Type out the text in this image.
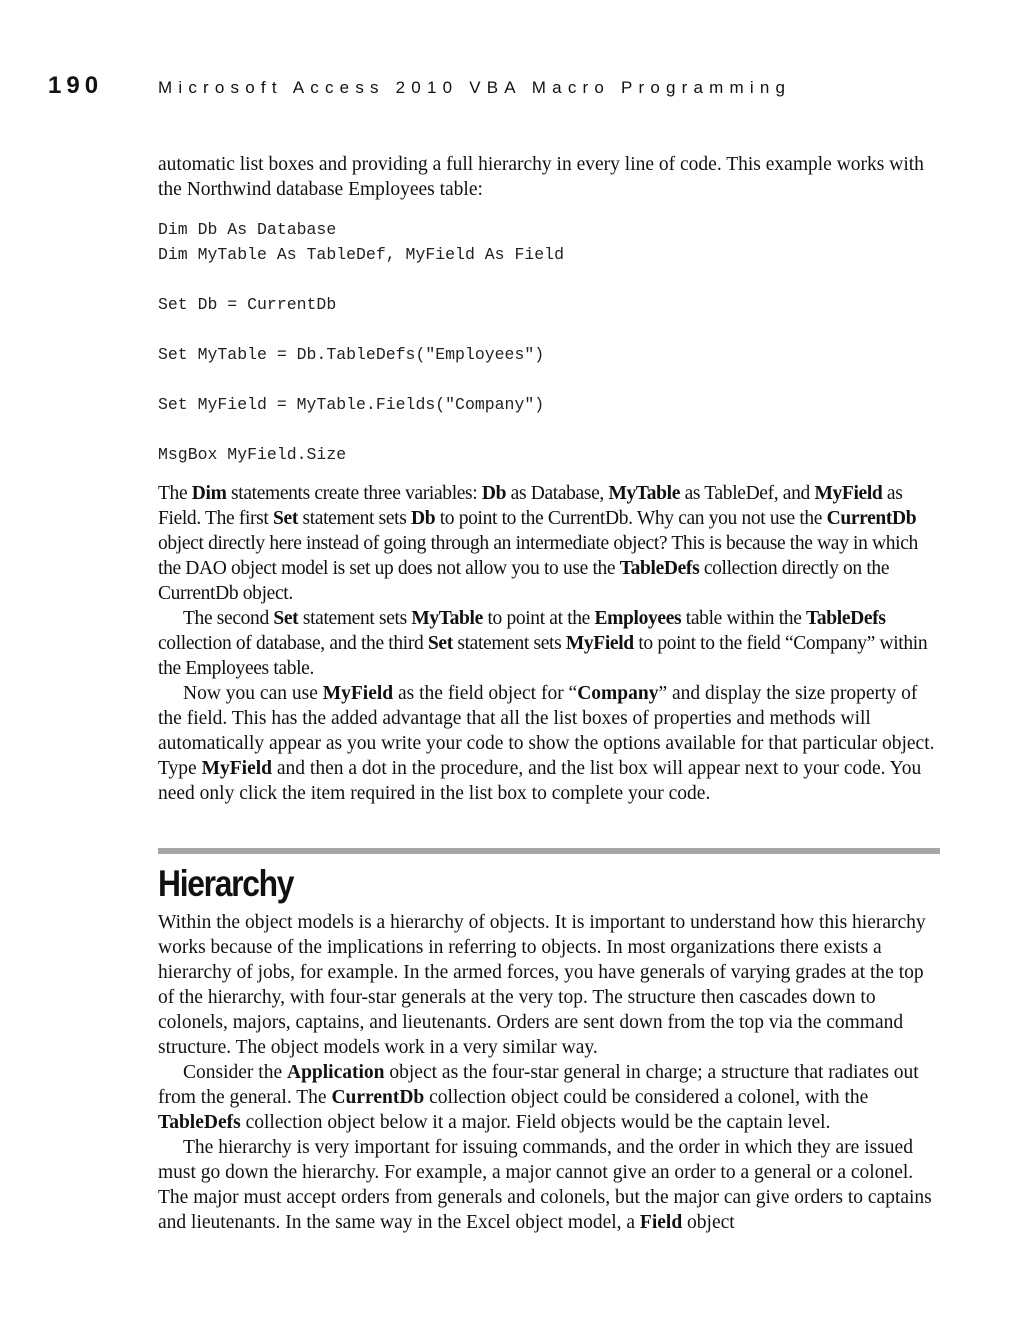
190	Microsoft Access 2010 VBA Macro Programming

automatic list boxes and providing a full hierarchy in every line of code. This example works with the Northwind database Employees table:

Dim Db As Database
Dim MyTable As TableDef, MyField As Field
Set Db = CurrentDb
Set MyTable = Db.TableDefs("Employees")
Set MyField = MyTable.Fields("Company")
MsgBox MyField.Size

The Dim statements create three variables: Db as Database, MyTable as TableDef, and MyField as Field. The first Set statement sets Db to point to the CurrentDb. Why can you not use the CurrentDb object directly here instead of going through an intermediate object? This is because the way in which the DAO object model is set up does not allow you to use the TableDefs collection directly on the CurrentDb object.

The second Set statement sets MyTable to point at the Employees table within the TableDefs collection of database, and the third Set statement sets MyField to point to the field “Company” within the Employees table.

Now you can use MyField as the field object for “Company” and display the size property of the field. This has the added advantage that all the list boxes of properties and methods will automatically appear as you write your code to show the options available for that particular object. Type MyField and then a dot in the procedure, and the list box will appear next to your code. You need only click the item required in the list box to complete your code.

Hierarchy

Within the object models is a hierarchy of objects. It is important to understand how this hierarchy works because of the implications in referring to objects. In most organizations there exists a hierarchy of jobs, for example. In the armed forces, you have generals of varying grades at the top of the hierarchy, with four-star generals at the very top. The structure then cascades down to colonels, majors, captains, and lieutenants. Orders are sent down from the top via the command structure. The object models work in a very similar way.

Consider the Application object as the four-star general in charge; a structure that radiates out from the general. The CurrentDb collection object could be considered a colonel, with the TableDefs collection object below it a major. Field objects would be the captain level.

The hierarchy is very important for issuing commands, and the order in which they are issued must go down the hierarchy. For example, a major cannot give an order to a general or a colonel. The major must accept orders from generals and colonels, but the major can give orders to captains and lieutenants. In the same way in the Excel object model, a Field object
